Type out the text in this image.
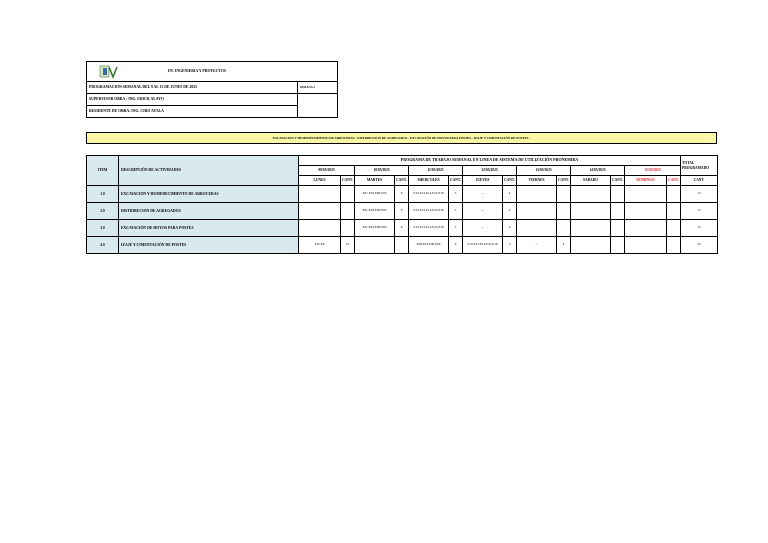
DV. INGENIERIA Y PROYECTOS	
PROGRAMACION SEMANAL DEL 9 AL 13 DE JUNIO DE 2025	SEMANA 3
SUPERVISOR OBRA : ING. ERICK ALAYO	
RESIDENTE DE OBRA: ING. CIRO AYALA	
EXCAVACION Y HUMEDECIMIENTO DE ARROCERAS - DISTRIBUCION DE AGREGADOS - EXCAVACIÓN DE HOYOS PARA POSTES - IZAJE Y CIMENTACIÓN DE POSTES -
ITEM	DESCRIPCIÓN DE ACTIVIDADES	PROGRAMA DE TRABAJO SEMANAL EN LINEA DE SISTEMA DE UTILIZACIÓN PRONEMIRA														TOTAL PROGRAMADO
		09/05/2025		10/05/2025		11/05/2025		12/05/2025		13/05/2025		14/05/2025		15/05/2025		
		LUNES	CANT.	MARTES	CANT.	MIERCOLES	CANT.	JUEVES	CANT.	VIERNES	CANT.	SABADO	CANT.	DOMINGO	CANT.	CANT.
1.0	EXCAVACION Y HUMEDECIMIENTO DE ARROCERAS			E01-E03-E08-E09	6	E10-E13-E14-E16-E18	5	--	4							15
2.0	DISTRIBUCION DE AGREGADOS			E01-E03-E08-E09	6	E10-E13-E14-E16-E18	5	--	4							15
3.0	EXCAVACIÓN DE HOYOS PARA POSTES			E01-E03-E08-E09	6	E10-E13-E14-E16-E18	5	--	4							15
4.0	IZAJE Y CIMENTACIÓN DE POSTES	E10-E9	10			E08-E03-E00-E09	6	E10-E13-E14-E16-E18	5	--	4					25
